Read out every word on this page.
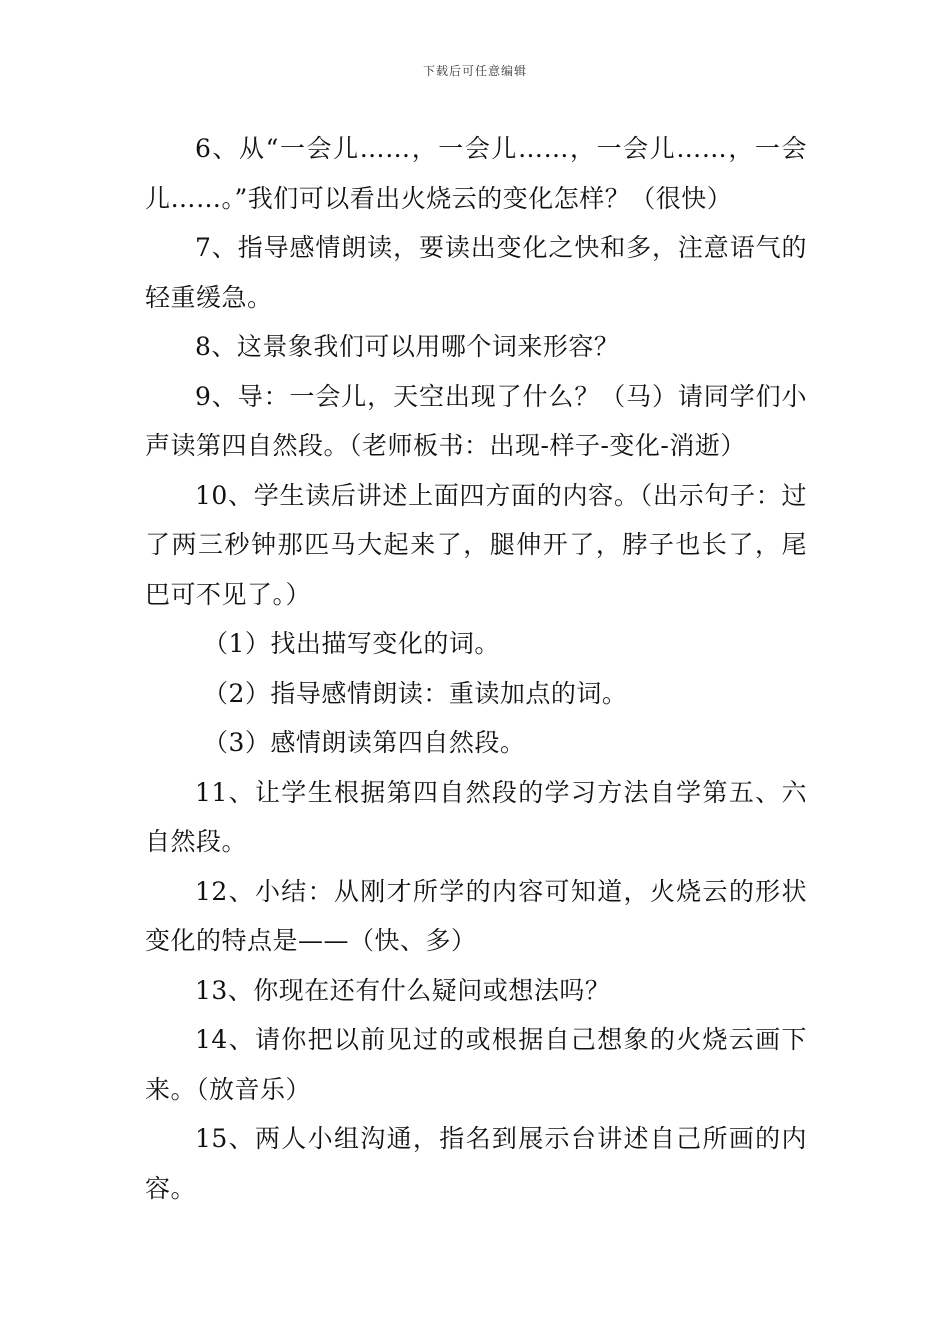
下载后可任意编辑

6、从“一会儿……，一会儿……，一会儿……，一会儿……。”我们可以看出火烧云的变化怎样？（很快）

7、指导感情朗读，要读出变化之快和多，注意语气的轻重缓急。

8、这景象我们可以用哪个词来形容？

9、导：一会儿，天空出现了什么？（马）请同学们小声读第四自然段。（老师板书：出现-样子-变化-消逝）

10、学生读后讲述上面四方面的内容。（出示句子：过了两三秒钟那匹马大起来了，腿伸开了，脖子也长了，尾巴可不见了。）

（1）找出描写变化的词。

（2）指导感情朗读：重读加点的词。

（3）感情朗读第四自然段。

11、让学生根据第四自然段的学习方法自学第五、六自然段。

12、小结：从刚才所学的内容可知道，火烧云的形状变化的特点是——（快、多）

13、你现在还有什么疑问或想法吗？

14、请你把以前见过的或根据自己想象的火烧云画下来。（放音乐）

15、两人小组沟通，指名到展示台讲述自己所画的内容。
